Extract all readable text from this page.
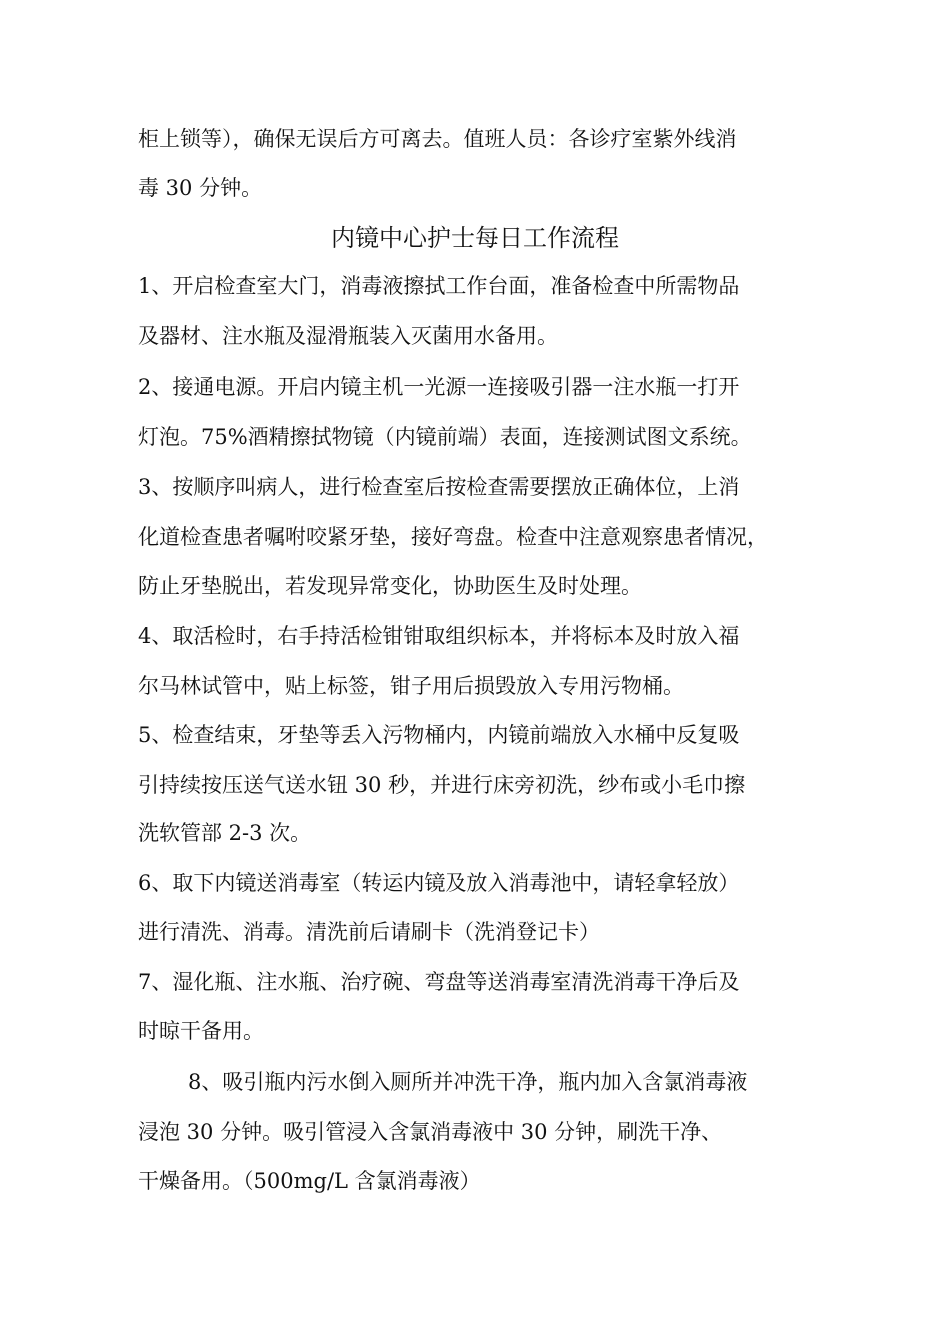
柜上锁等），确保无误后方可离去。值班人员：各诊疗室紫外线消
毒 30 分钟。
内镜中心护士每日工作流程
1、开启检查室大门，消毒液擦拭工作台面，准备检查中所需物品
及器材、注水瓶及湿滑瓶装入灭菌用水备用。
2、接通电源。开启内镜主机一光源一连接吸引器一注水瓶一打开
灯泡。75%酒精擦拭物镜（内镜前端）表面，连接测试图文系统。
3、按顺序叫病人，进行检查室后按检查需要摆放正确体位，上消
化道检查患者嘱咐咬紧牙垫，接好弯盘。检查中注意观察患者情况，
防止牙垫脱出，若发现异常变化，协助医生及时处理。
4、取活检时，右手持活检钳钳取组织标本，并将标本及时放入福
尔马林试管中，贴上标签，钳子用后损毁放入专用污物桶。
5、检查结束，牙垫等丢入污物桶内，内镜前端放入水桶中反复吸
引持续按压送气送水钮 30 秒，并进行床旁初洗，纱布或小毛巾擦
洗软管部 2-3 次。
6、取下内镜送消毒室（转运内镜及放入消毒池中，请轻拿轻放）
进行清洗、消毒。清洗前后请刷卡（洗消登记卡）
7、湿化瓶、注水瓶、治疗碗、弯盘等送消毒室清洗消毒干净后及
时晾干备用。
8、吸引瓶内污水倒入厕所并冲洗干净，瓶内加入含氯消毒液
浸泡 30 分钟。吸引管浸入含氯消毒液中 30 分钟，刷洗干净、
干燥备用。（500mg/L 含氯消毒液）
